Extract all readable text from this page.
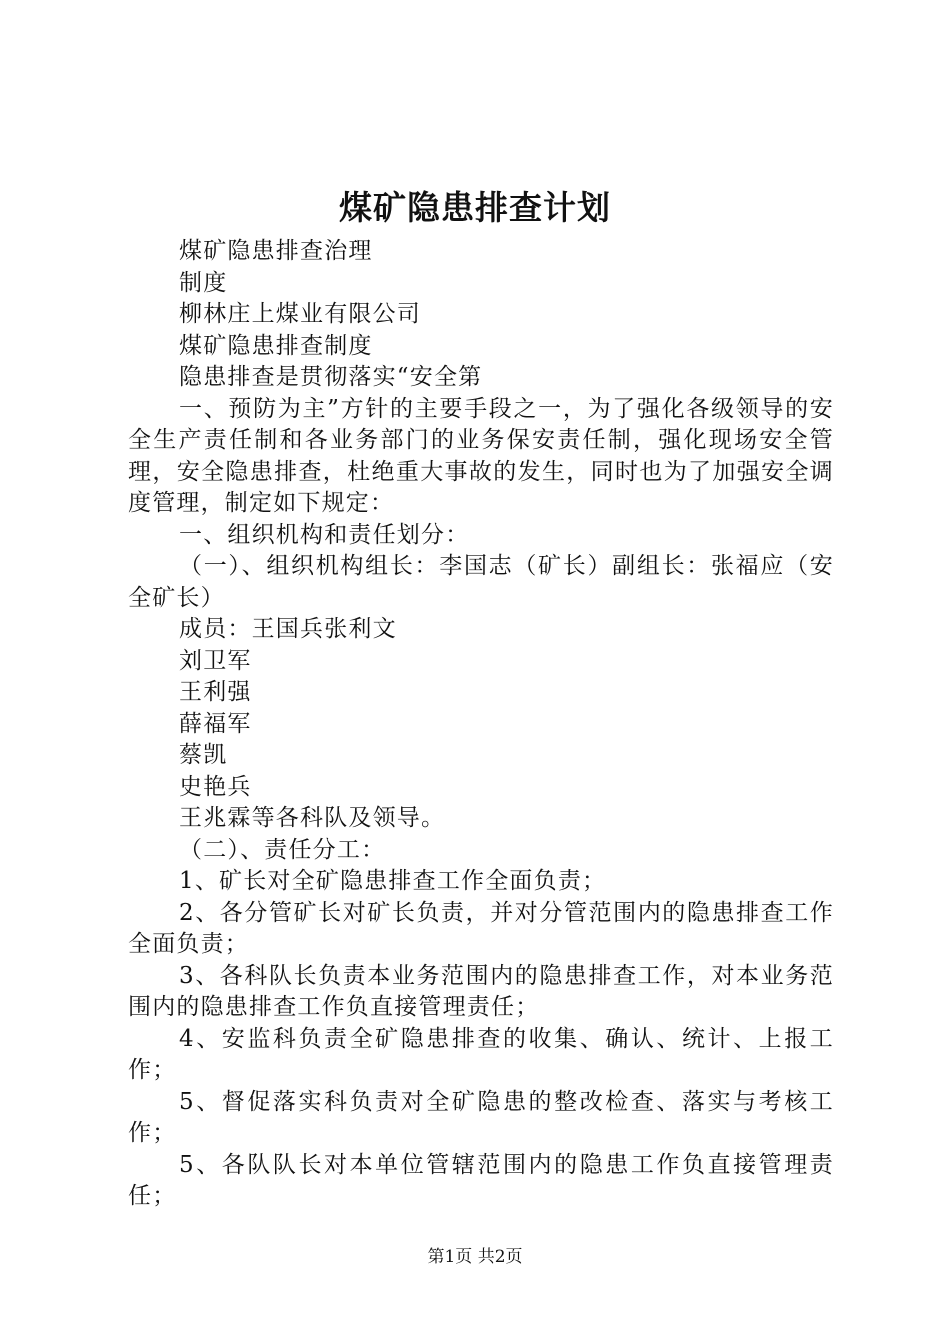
煤矿隐患排查计划

煤矿隐患排查治理

制度

柳林庄上煤业有限公司

煤矿隐患排查制度

隐患排查是贯彻落实“安全第

一、预防为主”方针的主要手段之一，为了强化各级领导的安全生产责任制和各业务部门的业务保安责任制，强化现场安全管理，安全隐患排查，杜绝重大事故的发生，同时也为了加强安全调度管理，制定如下规定：

一、组织机构和责任划分：

（一）、组织机构组长：李国志（矿长）副组长：张福应（安全矿长）

成员：王国兵张利文

刘卫军

王利强

薛福军

蔡凯

史艳兵

王兆霖等各科队及领导。

（二）、责任分工：

1、矿长对全矿隐患排查工作全面负责；

2、各分管矿长对矿长负责，并对分管范围内的隐患排查工作全面负责；

3、各科队长负责本业务范围内的隐患排查工作，对本业务范围内的隐患排查工作负直接管理责任；

4、安监科负责全矿隐患排查的收集、确认、统计、上报工作；

5、督促落实科负责对全矿隐患的整改检查、落实与考核工作；

5、各队队长对本单位管辖范围内的隐患工作负直接管理责任；

第1页 共2页
